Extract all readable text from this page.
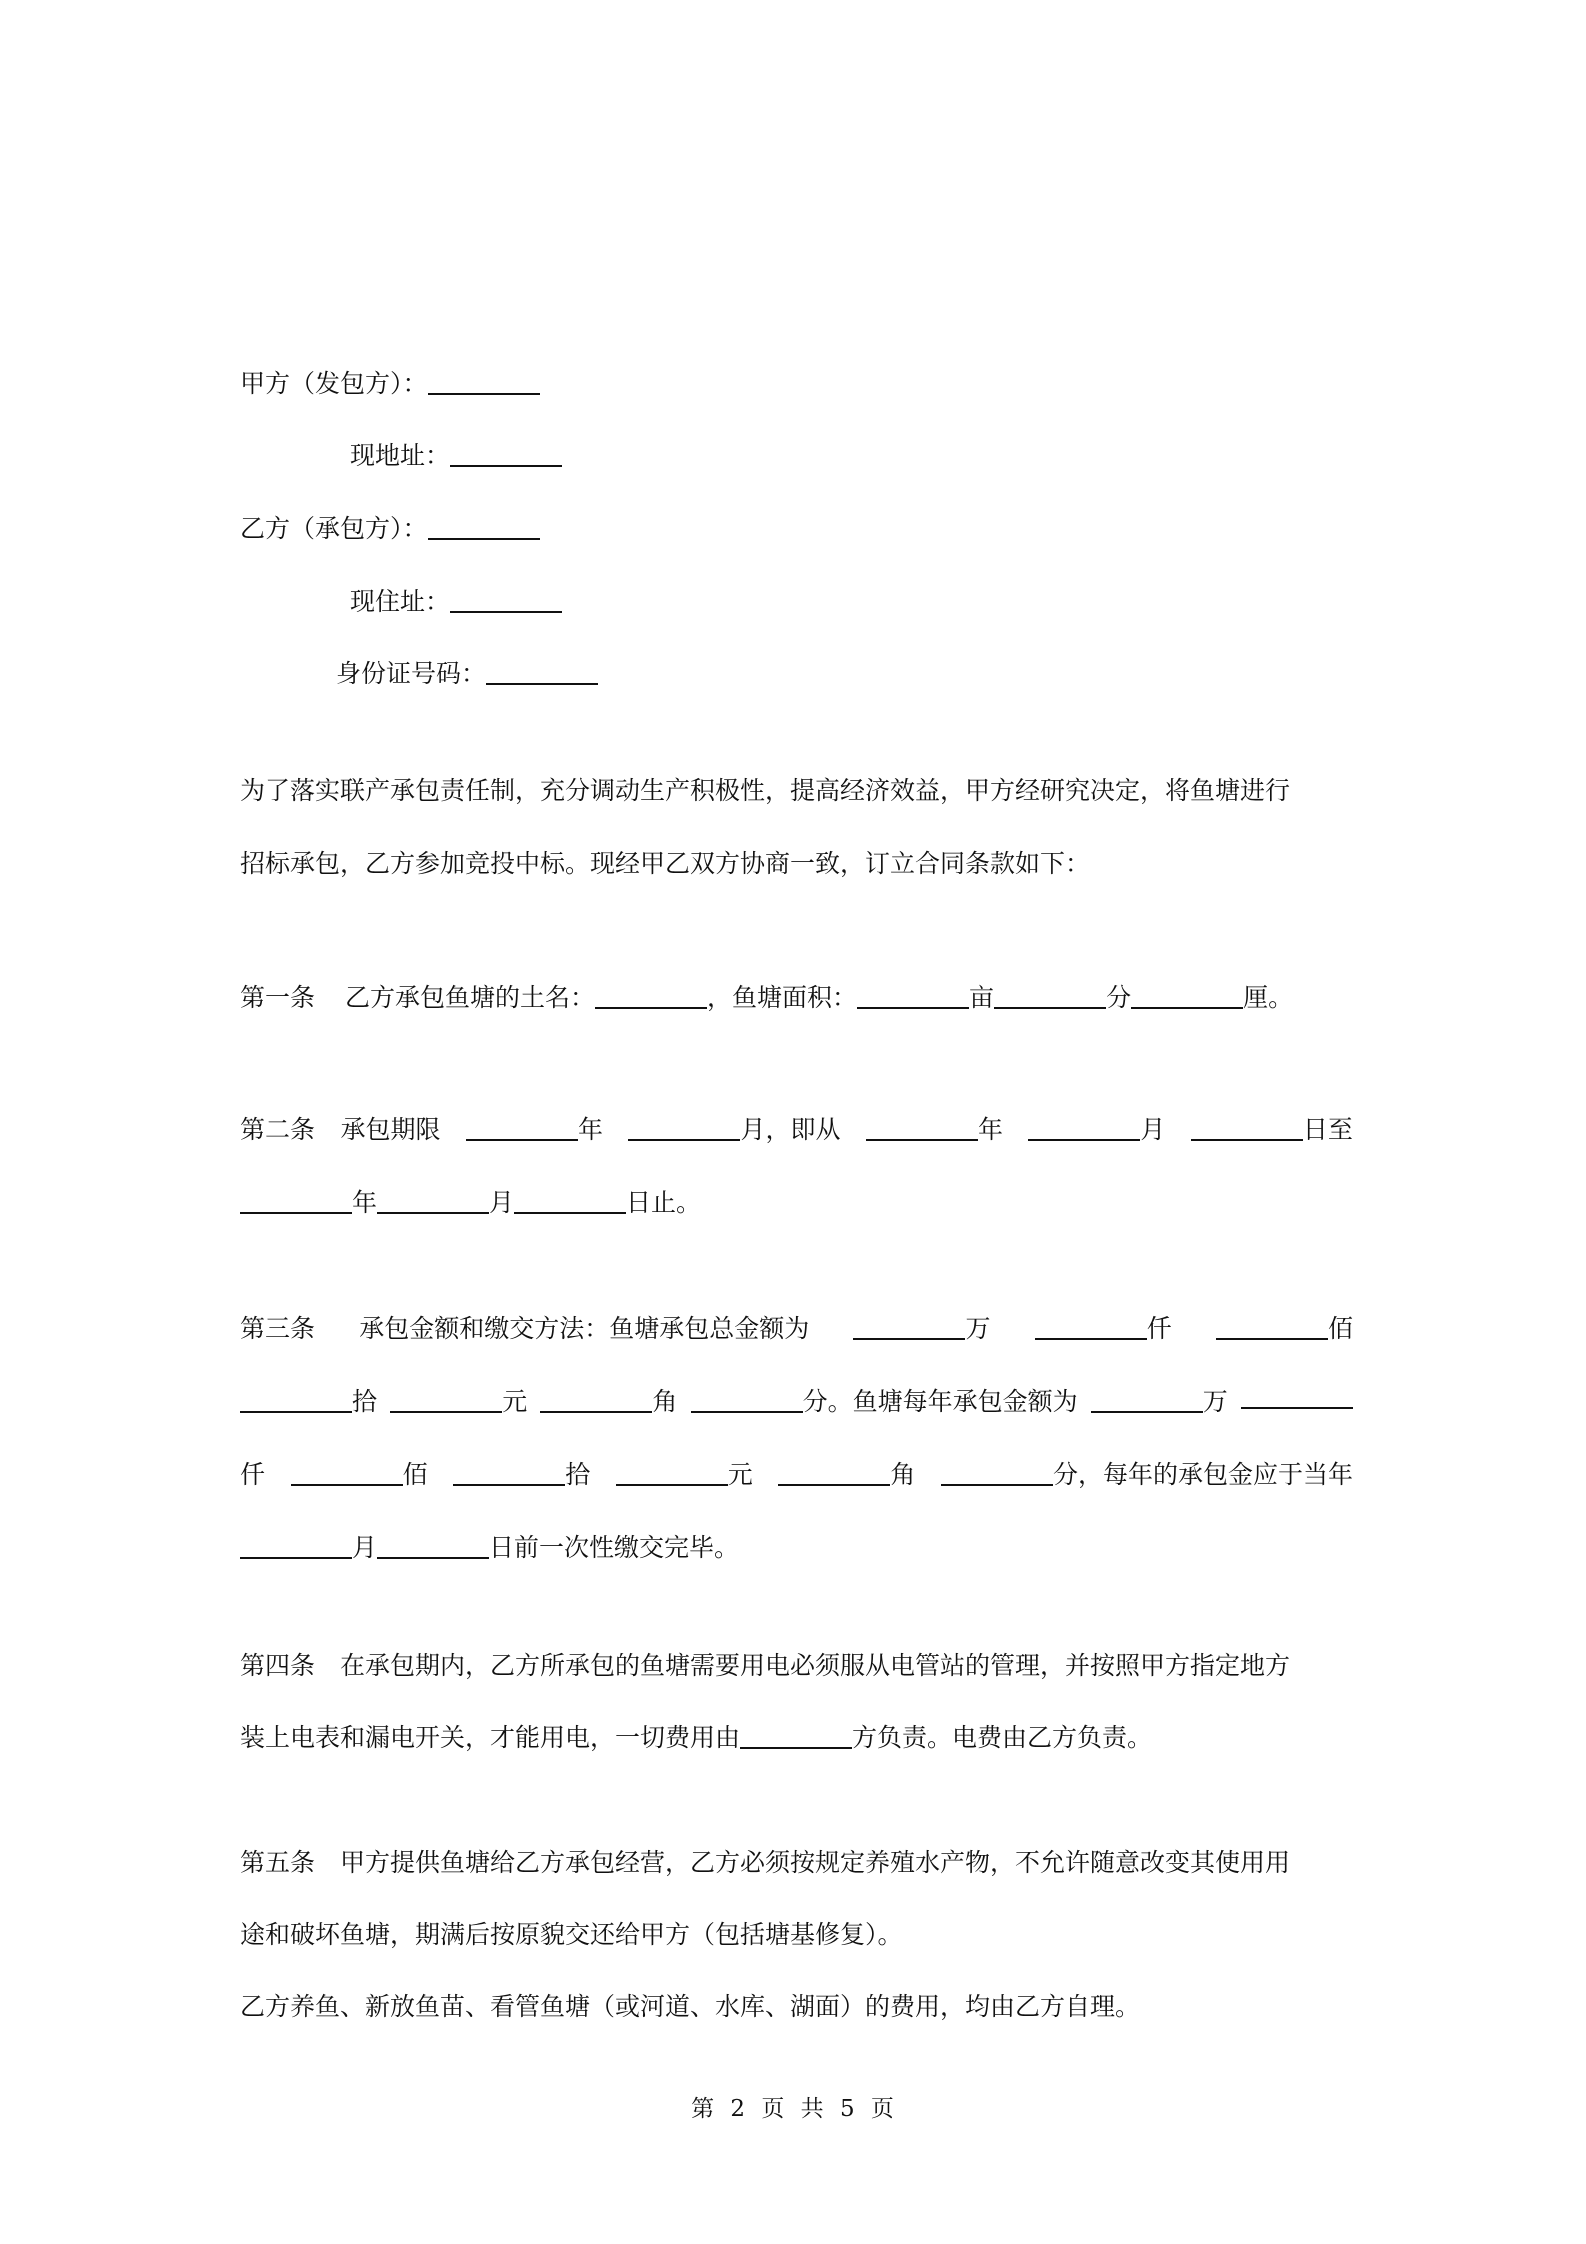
甲方（发包方）：
现地址：
乙方（承包方）：
现住址：
身份证号码：
为了落实联产承包责任制，充分调动生产积极性，提高经济效益，甲方经研究决定，将鱼塘进行
招标承包，乙方参加竞投中标。现经甲乙双方协商一致，订立合同条款如下：
第一条 乙方承包鱼塘的土名：	，鱼塘面积：	亩	分	厘。
第二条 承包期限	年	月，即从	年	月	日至
年	月	日止。
第三条 承包金额和缴交方法：鱼塘承包总金额为	万	仟	佰
拾	元	角	分。鱼塘每年承包金额为	万
仟	佰	拾	元	角	分，每年的承包金应于当年
月	日前一次性缴交完毕。
第四条　在承包期内，乙方所承包的鱼塘需要用电必须服从电管站的管理，并按照甲方指定地方
装上电表和漏电开关，才能用电，一切费用由	方负责。电费由乙方负责。
第五条　甲方提供鱼塘给乙方承包经营，乙方必须按规定养殖水产物，不允许随意改变其使用用
途和破坏鱼塘，期满后按原貌交还给甲方（包括塘基修复）。
乙方养鱼、新放鱼苗、看管鱼塘（或河道、水库、湖面）的费用，均由乙方自理。
第 2 页 共 5 页
